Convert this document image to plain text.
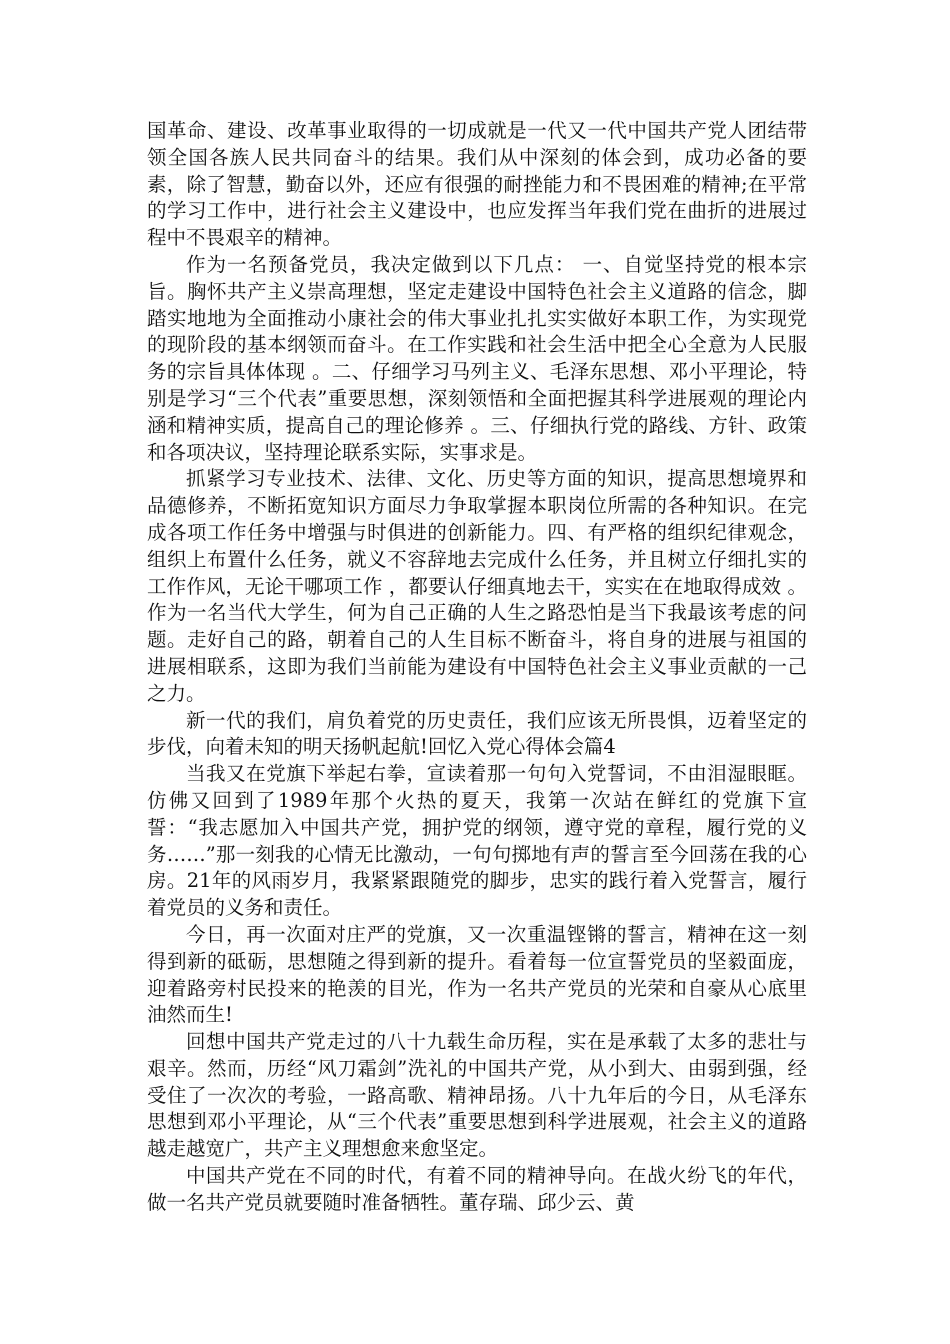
国革命、建设、改革事业取得的一切成就是一代又一代中国共产党人团结带领全国各族人民共同奋斗的结果。我们从中深刻的体会到，成功必备的要素，除了智慧，勤奋以外，还应有很强的耐挫能力和不畏困难的精神;在平常的学习工作中，进行社会主义建设中，也应发挥当年我们党在曲折的进展过程中不畏艰辛的精神。

作为一名预备党员，我决定做到以下几点： 一、自觉坚持党的根本宗旨。胸怀共产主义崇高理想，坚定走建设中国特色社会主义道路的信念，脚踏实地地为全面推动小康社会的伟大事业扎扎实实做好本职工作，为实现党的现阶段的基本纲领而奋斗。在工作实践和社会生活中把全心全意为人民服务的宗旨具体体现 。二、仔细学习马列主义、毛泽东思想、邓小平理论，特别是学习“三个代表”重要思想，深刻领悟和全面把握其科学进展观的理论内涵和精神实质，提高自己的理论修养 。三、仔细执行党的路线、方针、政策和各项决议，坚持理论联系实际，实事求是。

抓紧学习专业技术、法律、文化、历史等方面的知识，提高思想境界和品德修养，不断拓宽知识方面尽力争取掌握本职岗位所需的各种知识。在完成各项工作任务中增强与时俱进的创新能力。四、有严格的组织纪律观念，组织上布置什么任务，就义不容辞地去完成什么任务，并且树立仔细扎实的工作作风，无论干哪项工作 ，都要认仔细真地去干，实实在在地取得成效 。 作为一名当代大学生，何为自己正确的人生之路恐怕是当下我最该考虑的问题。走好自己的路，朝着自己的人生目标不断奋斗，将自身的进展与祖国的进展相联系，这即为我们当前能为建设有中国特色社会主义事业贡献的一己之力。

新一代的我们，肩负着党的历史责任，我们应该无所畏惧，迈着坚定的步伐，向着未知的明天扬帆起航!回忆入党心得体会篇4

当我又在党旗下举起右拳，宣读着那一句句入党誓词，不由泪湿眼眶。仿佛又回到了1989年那个火热的夏天，我第一次站在鲜红的党旗下宣誓：“我志愿加入中国共产党，拥护党的纲领，遵守党的章程，履行党的义务……”那一刻我的心情无比激动，一句句掷地有声的誓言至今回荡在我的心房。21年的风雨岁月，我紧紧跟随党的脚步，忠实的践行着入党誓言，履行着党员的义务和责任。

今日，再一次面对庄严的党旗，又一次重温铿锵的誓言，精神在这一刻得到新的砥砺，思想随之得到新的提升。看着每一位宣誓党员的坚毅面庞，迎着路旁村民投来的艳羡的目光，作为一名共产党员的光荣和自豪从心底里油然而生!

回想中国共产党走过的八十九载生命历程，实在是承载了太多的悲壮与艰辛。然而，历经“风刀霜剑”洗礼的中国共产党，从小到大、由弱到强，经受住了一次次的考验，一路高歌、精神昂扬。八十九年后的今日，从毛泽东思想到邓小平理论，从“三个代表”重要思想到科学进展观，社会主义的道路越走越宽广，共产主义理想愈来愈坚定。

中国共产党在不同的时代，有着不同的精神导向。在战火纷飞的年代，做一名共产党员就要随时准备牺牲。董存瑞、邱少云、黄
